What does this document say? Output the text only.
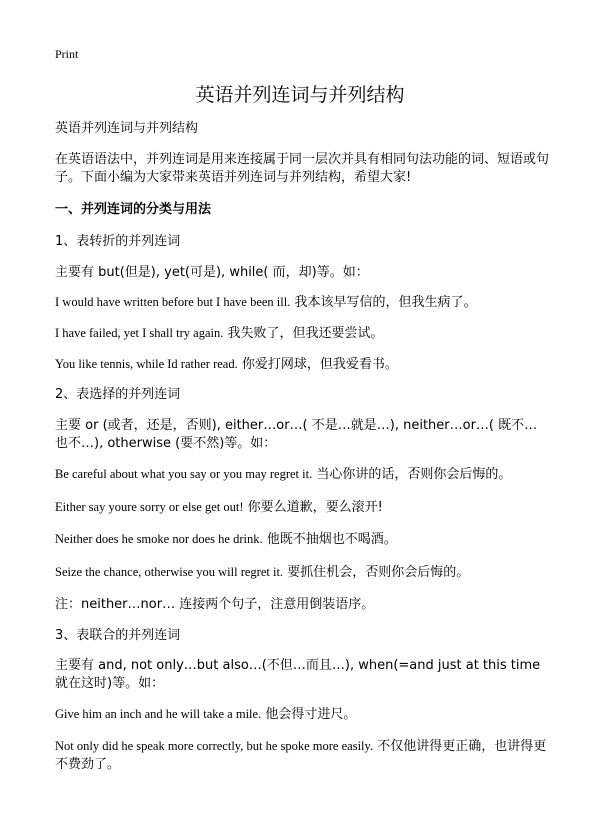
Print
英语并列连词与并列结构
英语并列连词与并列结构
在英语语法中，并列连词是用来连接属于同一层次并具有相同句法功能的词、短语或句子。下面小编为大家带来英语并列连词与并列结构，希望大家!
一、并列连词的分类与用法
1、表转折的并列连词
主要有 but(但是), yet(可是), while( 而，却)等。如：
I would have written before but I have been ill. 我本该早写信的，但我生病了。
I have failed, yet I shall try again. 我失败了，但我还要尝试。
You like tennis, while Id rather read. 你爱打网球，但我爱看书。
2、表选择的并列连词
主要 or (或者，还是，否则), either…or…( 不是…就是…), neither…or…( 既不…也不…), otherwise (要不然)等。如：
Be careful about what you say or you may regret it. 当心你讲的话，否则你会后悔的。
Either say youre sorry or else get out! 你要么道歉，要么滚开!
Neither does he smoke nor does he drink. 他既不抽烟也不喝酒。
Seize the chance, otherwise you will regret it. 要抓住机会，否则你会后悔的。
注：neither…nor… 连接两个句子，注意用倒装语序。
3、表联合的并列连词
主要有 and, not only…but also…(不但…而且…), when(=and just at this time 就在这时)等。如：
Give him an inch and he will take a mile. 他会得寸进尺。
Not only did he speak more correctly, but he spoke more easily. 不仅他讲得更正确，也讲得更不费劲了。
